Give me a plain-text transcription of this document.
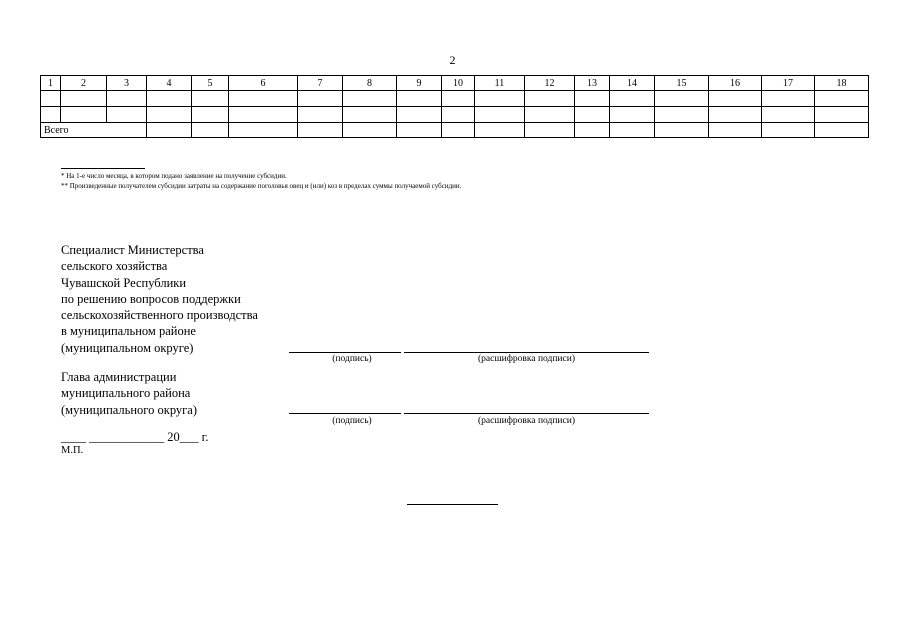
2
1	2	3	4	5	6	7	8	9	10	11	12	13	14	15	16	17	18

Всего																	
* На 1-е число месяца, в котором подано заявление на получение субсидии.
** Произведенные получателем субсидии затраты на содержание поголовья овец и (или) коз в пределах суммы получаемой субсидии.
Специалист Министерства
сельского хозяйства
Чувашской Республики
по решению вопросов поддержки
сельскохозяйственного производства
в муниципальном районе
(муниципальном округе)
(подпись)	(расшифровка подписи)
Глава администрации
муниципального района
(муниципального округа)
(подпись)	(расшифровка подписи)
____ ____________ 20___ г.
М.П.
